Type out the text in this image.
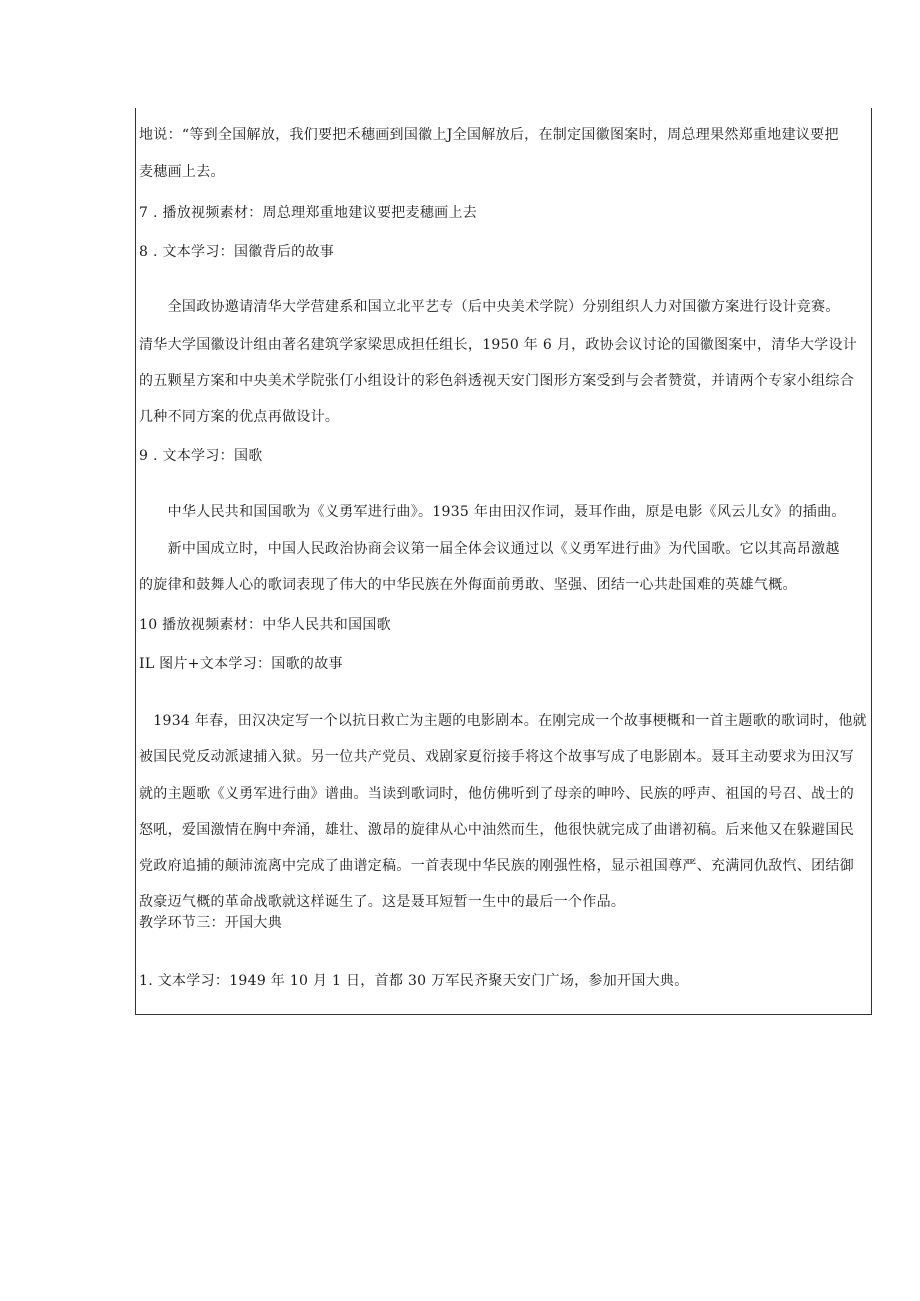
地说：“等到全国解放，我们要把禾穗画到国徽上J全国解放后，在制定国徽图案时，周总理果然郑重地建议要把
麦穗画上去。
7 . 播放视频素材：周总理郑重地建议要把麦穗画上去
8 . 文本学习：国徽背后的故事
　　全国政协邀请清华大学营建系和国立北平艺专（后中央美术学院）分别组织人力对国徽方案进行设计竞赛。
清华大学国徽设计组由著名建筑学家梁思成担任组长，1950 年 6 月，政协会议讨论的国徽图案中，清华大学设计
的五颗星方案和中央美术学院张仃小组设计的彩色斜透视天安门图形方案受到与会者赞赏，并请两个专家小组综合
几种不同方案的优点再做设计。
9 . 文本学习：国歌
　　中华人民共和国国歌为《义勇军进行曲》。1935 年由田汉作词，聂耳作曲，原是电影《风云儿女》的插曲。
　　新中国成立时，中国人民政治协商会议第一届全体会议通过以《义勇军进行曲》为代国歌。它以其高昂激越
的旋律和鼓舞人心的歌词表现了伟大的中华民族在外侮面前勇敢、坚强、团结一心共赴国难的英雄气概。
10 播放视频素材：中华人民共和国国歌
IL 图片+文本学习：国歌的故事
　1934 年春，田汉决定写一个以抗日救亡为主题的电影剧本。在刚完成一个故事梗概和一首主题歌的歌词时，他就
被国民党反动派逮捕入狱。另一位共产党员、戏剧家夏衍接手将这个故事写成了电影剧本。聂耳主动要求为田汉写
就的主题歌《义勇军进行曲》谱曲。当读到歌词时，他仿佛听到了母亲的呻吟、民族的呼声、祖国的号召、战士的
怒吼，爱国激情在胸中奔涌，雄壮、激昂的旋律从心中油然而生，他很快就完成了曲谱初稿。后来他又在躲避国民
党政府追捕的颠沛流离中完成了曲谱定稿。一首表现中华民族的刚强性格，显示祖国尊严、充满同仇敌忾、团结御
敌豪迈气概的革命战歌就这样诞生了。这是聂耳短暂一生中的最后一个作品。
教学环节三：开国大典
1. 文本学习：1949 年 10 月 1 日，首都 30 万军民齐聚天安门广场，参加开国大典。
